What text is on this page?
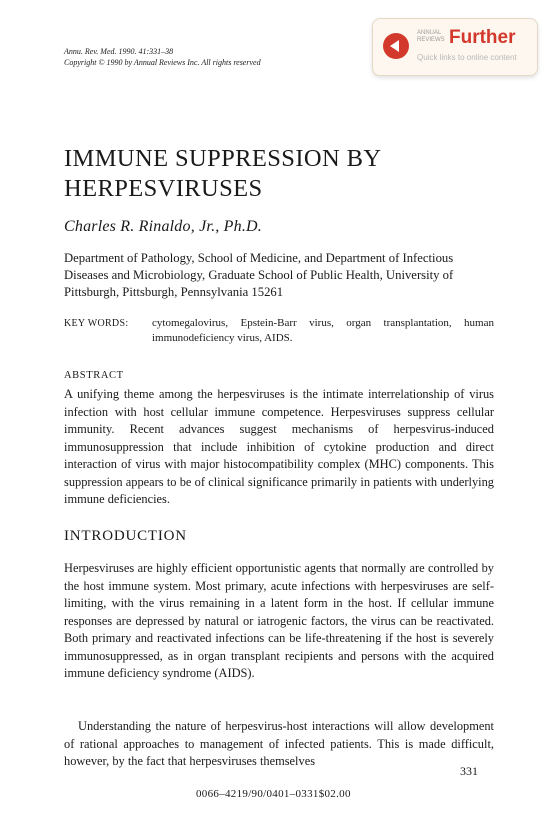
Annu. Rev. Med. 1990. 41:331–38
Copyright © 1990 by Annual Reviews Inc. All rights reserved
ANNUAL
REVIEWS Further
Quick links to online content
IMMUNE SUPPRESSION BY
HERPESVIRUSES
Charles R. Rinaldo, Jr., Ph.D.
Department of Pathology, School of Medicine, and Department of Infectious Diseases and Microbiology, Graduate School of Public Health, University of Pittsburgh, Pittsburgh, Pennsylvania 15261
KEY WORDS: cytomegalovirus, Epstein-Barr virus, organ transplantation, human immunodeficiency virus, AIDS.
ABSTRACT
A unifying theme among the herpesviruses is the intimate interrelationship of virus infection with host cellular immune competence. Herpesviruses suppress cellular immunity. Recent advances suggest mechanisms of herpesvirus-induced immunosuppression that include inhibition of cytokine production and direct interaction of virus with major histocompatibility complex (MHC) components. This suppression appears to be of clinical significance primarily in patients with underlying immune deficiencies.
INTRODUCTION
Herpesviruses are highly efficient opportunistic agents that normally are controlled by the host immune system. Most primary, acute infections with herpesviruses are self-limiting, with the virus remaining in a latent form in the host. If cellular immune responses are depressed by natural or iatrogenic factors, the virus can be reactivated. Both primary and reactivated infections can be life-threatening if the host is severely immunosuppressed, as in organ transplant recipients and persons with the acquired immune deficiency syndrome (AIDS).
Understanding the nature of herpesvirus-host interactions will allow development of rational approaches to management of infected patients. This is made difficult, however, by the fact that herpesviruses themselves
331
0066–4219/90/0401–0331$02.00
